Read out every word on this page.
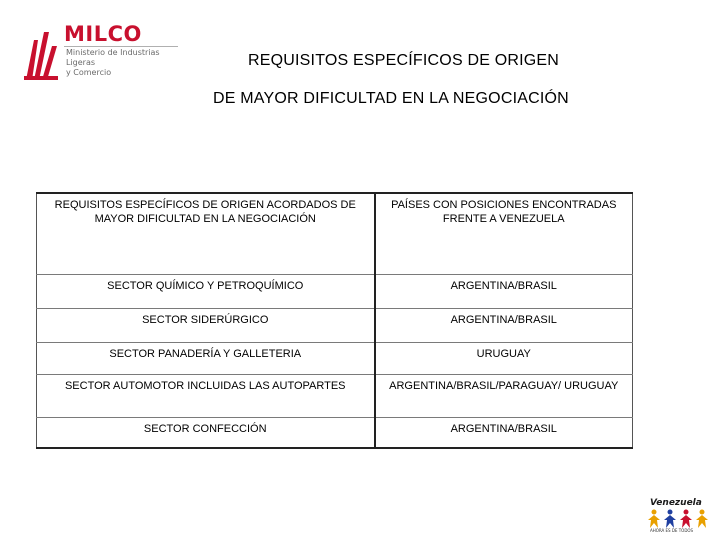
MILCO
Ministerio de Industrias Ligeras
y Comercio
REQUISITOS ESPECÍFICOS DE ORIGEN
DE MAYOR DIFICULTAD EN LA NEGOCIACIÓN
REQUISITOS ESPECÍFICOS DE ORIGEN ACORDADOS DE MAYOR DIFICULTAD EN LA NEGOCIACIÓN	PAÍSES CON POSICIONES ENCONTRADAS FRENTE A VENEZUELA
SECTOR QUÍMICO Y PETROQUÍMICO	ARGENTINA/BRASIL
SECTOR SIDERÚRGICO	ARGENTINA/BRASIL
SECTOR PANADERÍA Y GALLETERIA	URUGUAY
SECTOR AUTOMOTOR INCLUIDAS LAS AUTOPARTES	ARGENTINA/BRASIL/PARAGUAY/ URUGUAY
SECTOR CONFECCIÓN	ARGENTINA/BRASIL
Venezuela
AHORA ES DE TODOS
